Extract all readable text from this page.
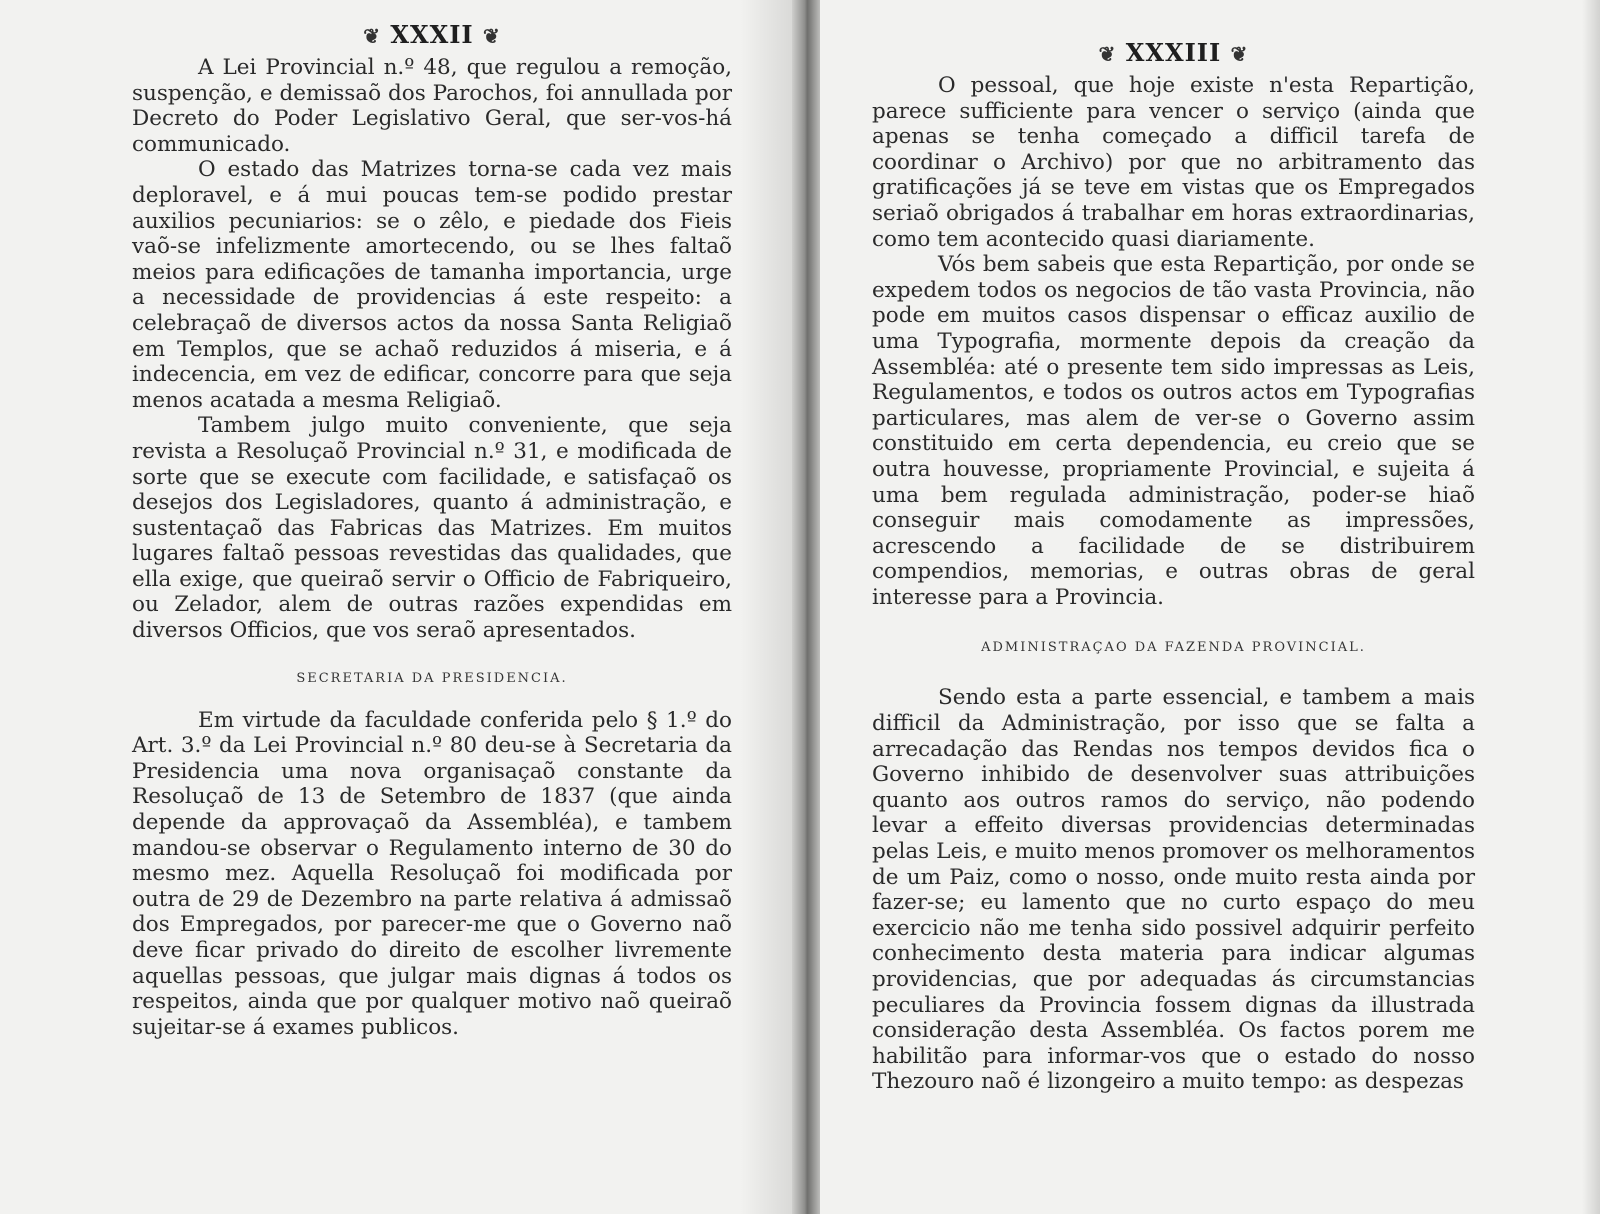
❦ XXXII ❦

A Lei Provincial n.º 48, que regulou a remoção, suspenção, e demissaõ dos Parochos, foi annullada por Decreto do Poder Legislativo Geral, que ser-vos-há communicado.

O estado das Matrizes torna-se cada vez mais deploravel, e á mui poucas tem-se podido prestar auxilios pecuniarios: se o zêlo, e piedade dos Fieis vaõ-se infelizmente amortecendo, ou se lhes faltaõ meios para edificações de tamanha importancia, urge a necessidade de providencias á este respeito: a celebraçaõ de diversos actos da nossa Santa Religiaõ em Templos, que se achaõ reduzidos á miseria, e á indecencia, em vez de edificar, concorre para que seja menos acatada a mesma Religiaõ.

Tambem julgo muito conveniente, que seja revista a Resoluçaõ Provincial n.º 31, e modificada de sorte que se execute com facilidade, e satisfaçaõ os desejos dos Legisladores, quanto á administração, e sustentaçaõ das Fabricas das Matrizes. Em muitos lugares faltaõ pessoas revestidas das qualidades, que ella exige, que queiraõ servir o Officio de Fabriqueiro, ou Zelador, alem de outras razões expendidas em diversos Officios, que vos seraõ apresentados.

SECRETARIA DA PRESIDENCIA.

Em virtude da faculdade conferida pelo § 1.º do Art. 3.º da Lei Provincial n.º 80 deu-se à Secretaria da Presidencia uma nova organisaçaõ constante da Resoluçaõ de 13 de Setembro de 1837 (que ainda depende da approvaçaõ da Assembléa), e tambem mandou-se observar o Regulamento interno de 30 do mesmo mez. Aquella Resoluçaõ foi modificada por outra de 29 de Dezembro na parte relativa á admissaõ dos Empregados, por parecer-me que o Governo naõ deve ficar privado do direito de escolher livremente aquellas pessoas, que julgar mais dignas á todos os respeitos, ainda que por qualquer motivo naõ queiraõ sujeitar-se á exames publicos.

❦ XXXIII ❦

O pessoal, que hoje existe n'esta Repartição, parece sufficiente para vencer o serviço (ainda que apenas se tenha começado a difficil tarefa de coordinar o Archivo) por que no arbitramento das gratificações já se teve em vistas que os Empregados seriaõ obrigados á trabalhar em horas extraordinarias, como tem acontecido quasi diariamente.

Vós bem sabeis que esta Repartição, por onde se expedem todos os negocios de tão vasta Provincia, não pode em muitos casos dispensar o efficaz auxilio de uma Typografia, mormente depois da creação da Assembléa: até o presente tem sido impressas as Leis, Regulamentos, e todos os outros actos em Typografias particulares, mas alem de ver-se o Governo assim constituido em certa dependencia, eu creio que se outra houvesse, propriamente Provincial, e sujeita á uma bem regulada administração, poder-se hiaõ conseguir mais comodamente as impressões, acrescendo a facilidade de se distribuirem compendios, memorias, e outras obras de geral interesse para a Provincia.

ADMINISTRAÇAO DA FAZENDA PROVINCIAL.

Sendo esta a parte essencial, e tambem a mais difficil da Administração, por isso que se falta a arrecadação das Rendas nos tempos devidos fica o Governo inhibido de desenvolver suas attribuições quanto aos outros ramos do serviço, não podendo levar a effeito diversas providencias determinadas pelas Leis, e muito menos promover os melhoramentos de um Paiz, como o nosso, onde muito resta ainda por fazer-se; eu lamento que no curto espaço do meu exercicio não me tenha sido possivel adquirir perfeito conhecimento desta materia para indicar algumas providencias, que por adequadas ás circumstancias peculiares da Provincia fossem dignas da illustrada consideração desta Assembléa. Os factos porem me habilitão para informar-vos que o estado do nosso Thezouro naõ é lizongeiro a muito tempo: as despezas
